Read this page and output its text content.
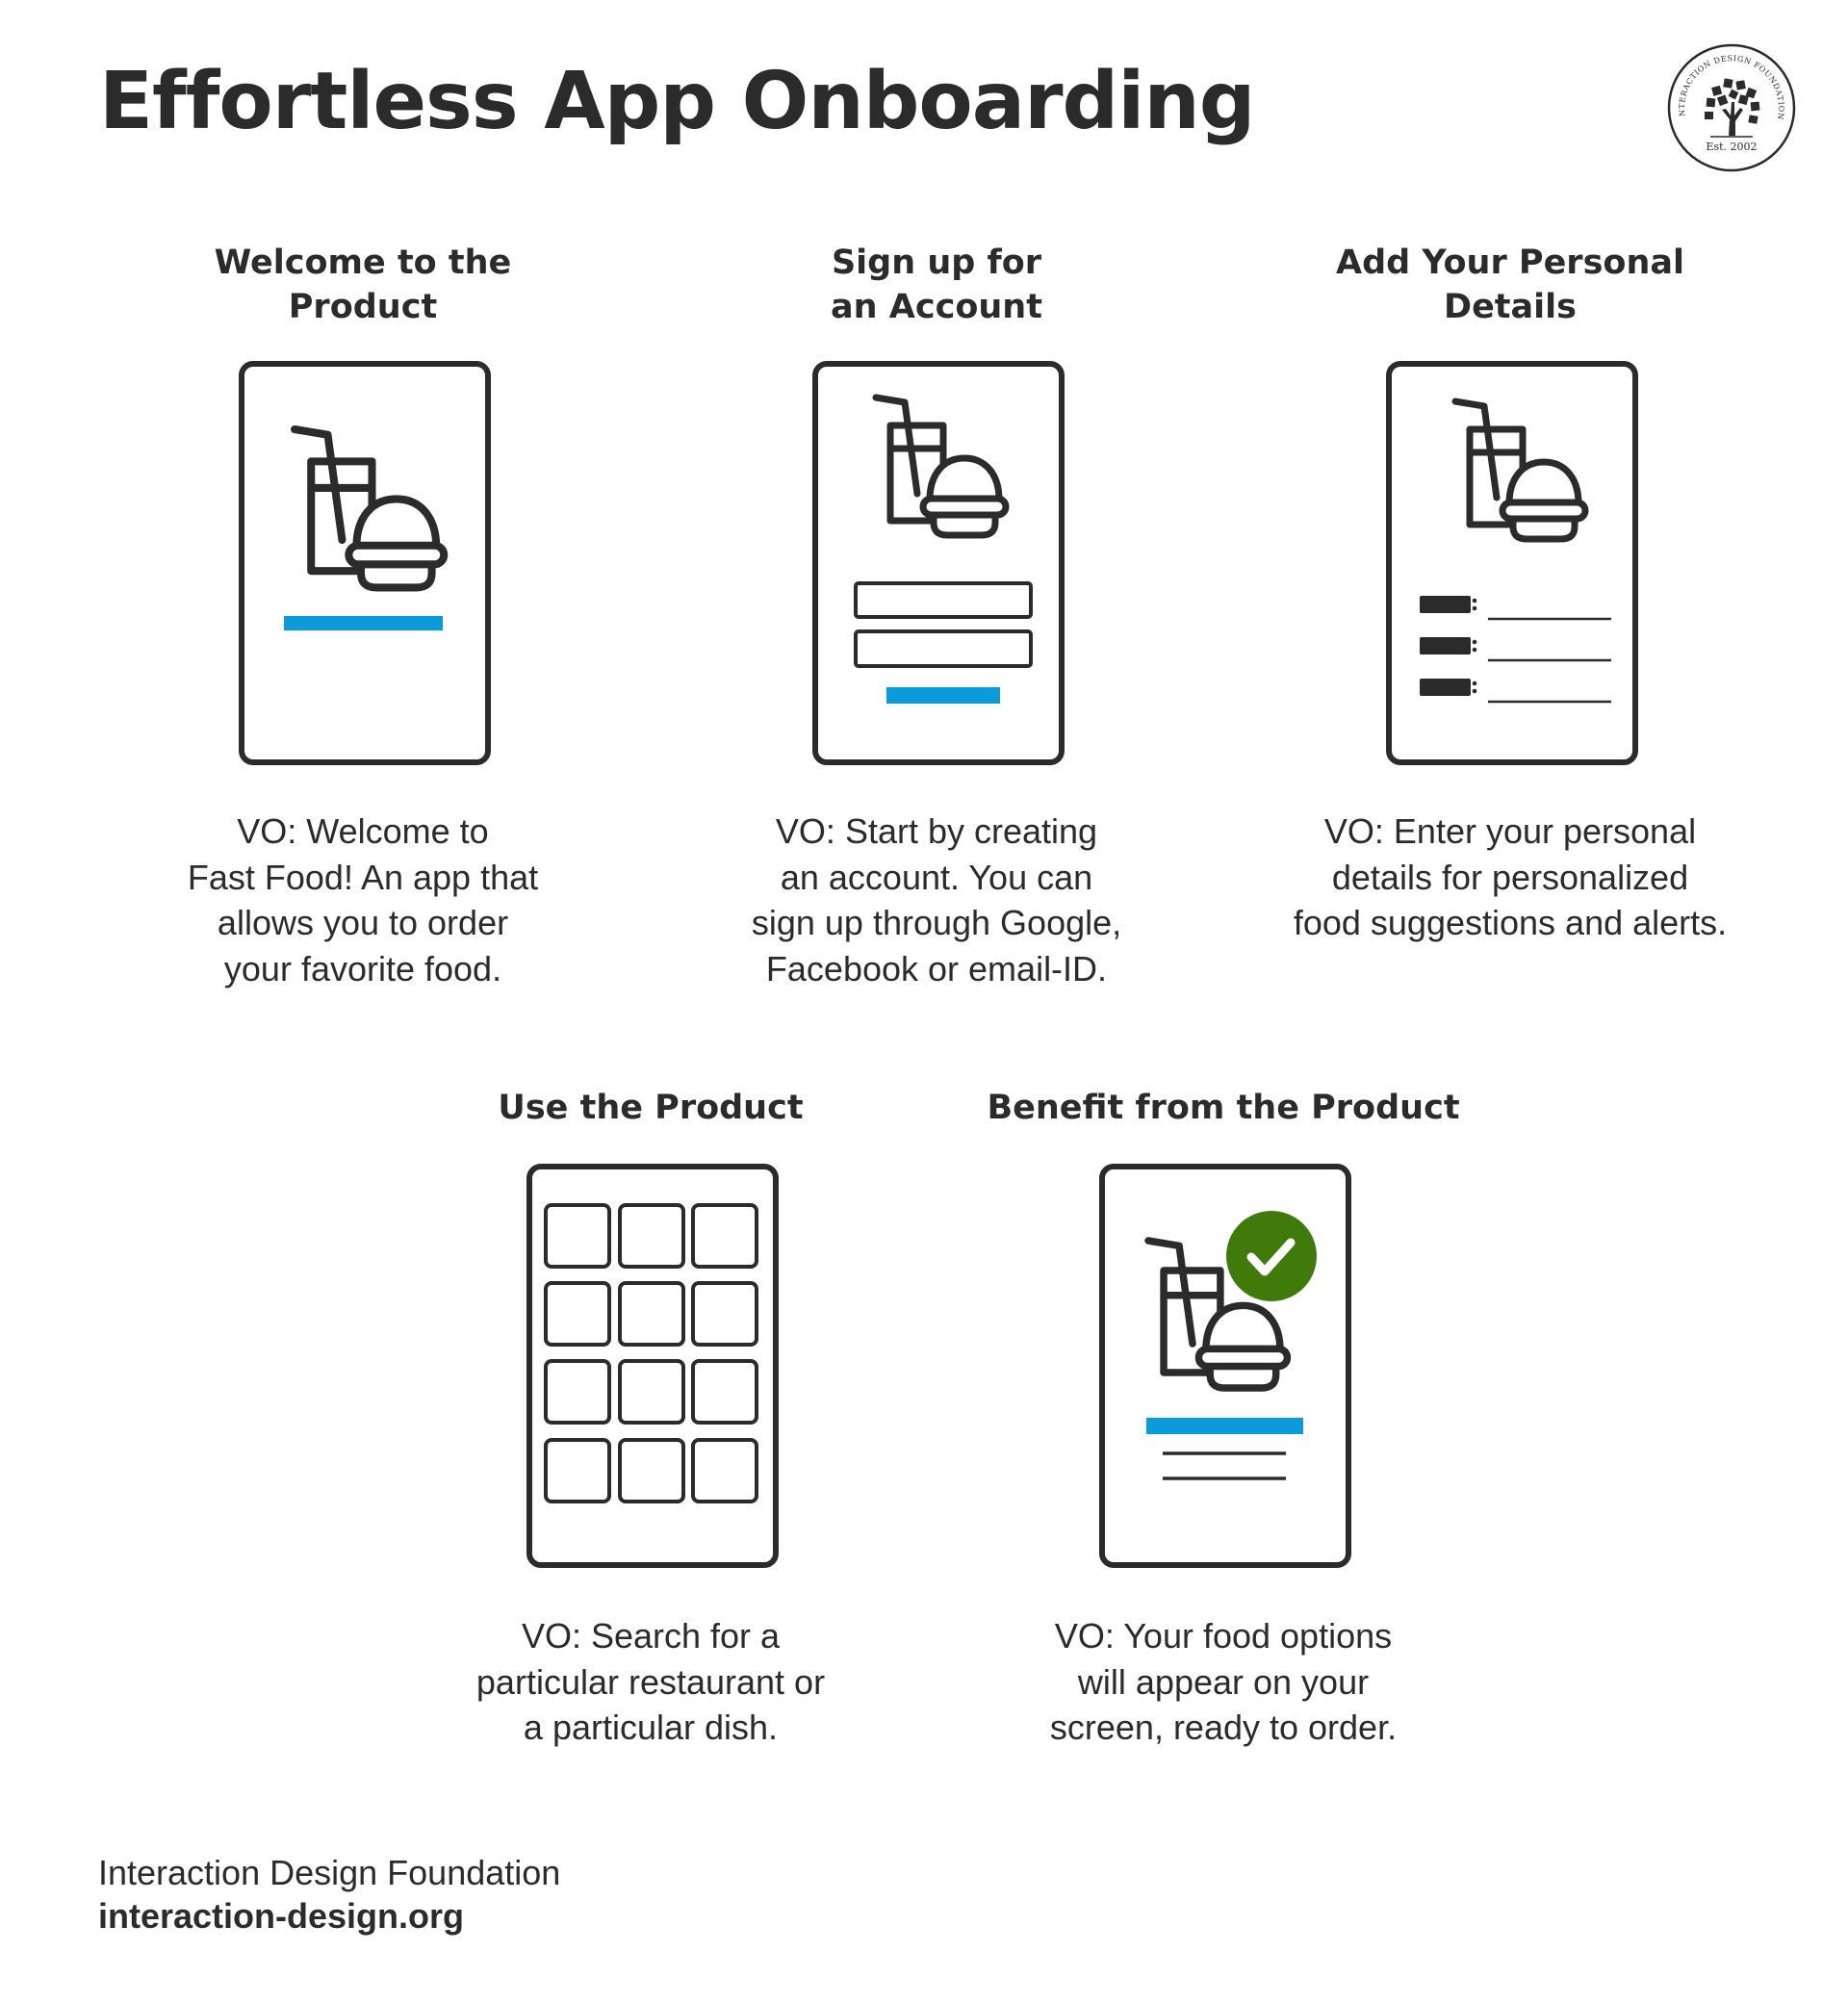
Effortless App Onboarding	NTERACTION DESIGN FOUNDATION
Est. 2002
Welcome to the
Product
VO: Welcome to
Fast Food! An app that
allows you to order
your favorite food.
Sign up for
an Account
VO: Start by creating
an account. You can
sign up through Google,
Facebook or email-ID.
Add Your Personal
Details
VO: Enter your personal
details for personalized
food suggestions and alerts.
Use the Product
VO: Search for a
particular restaurant or
a particular dish.
Benefit from the Product
VO: Your food options
will appear on your
screen, ready to order.
Interaction Design Foundation
interaction-design.org
